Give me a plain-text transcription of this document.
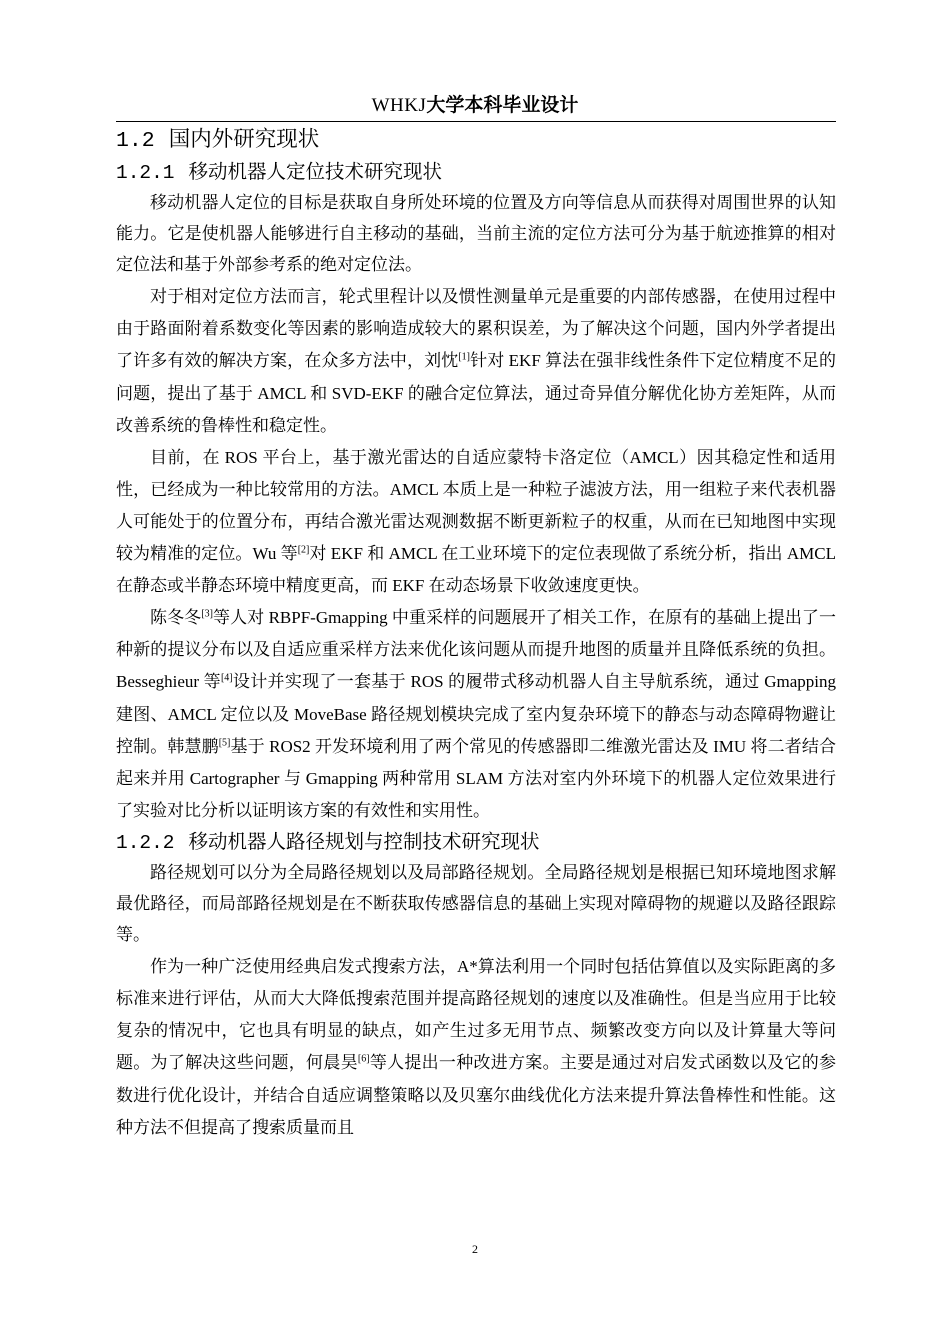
WHKJ大学本科毕业设计
1.2 国内外研究现状
1.2.1 移动机器人定位技术研究现状

移动机器人定位的目标是获取自身所处环境的位置及方向等信息从而获得对周围世界的认知能力。它是使机器人能够进行自主移动的基础，当前主流的定位方法可分为基于航迹推算的相对定位法和基于外部参考系的绝对定位法。

对于相对定位方法而言，轮式里程计以及惯性测量单元是重要的内部传感器，在使用过程中由于路面附着系数变化等因素的影响造成较大的累积误差，为了解决这个问题，国内外学者提出了许多有效的解决方案，在众多方法中，刘忱[1]针对 EKF 算法在强非线性条件下定位精度不足的问题，提出了基于 AMCL 和 SVD-EKF 的融合定位算法，通过奇异值分解优化协方差矩阵，从而改善系统的鲁棒性和稳定性。

目前，在 ROS 平台上，基于激光雷达的自适应蒙特卡洛定位（AMCL）因其稳定性和适用性，已经成为一种比较常用的方法。AMCL 本质上是一种粒子滤波方法，用一组粒子来代表机器人可能处于的位置分布，再结合激光雷达观测数据不断更新粒子的权重，从而在已知地图中实现较为精准的定位。Wu 等[2]对 EKF 和 AMCL 在工业环境下的定位表现做了系统分析，指出 AMCL 在静态或半静态环境中精度更高，而 EKF 在动态场景下收敛速度更快。

陈冬冬[3]等人对 RBPF-Gmapping 中重采样的问题展开了相关工作，在原有的基础上提出了一种新的提议分布以及自适应重采样方法来优化该问题从而提升地图的质量并且降低系统的负担。Besseghieur 等[4]设计并实现了一套基于 ROS 的履带式移动机器人自主导航系统，通过 Gmapping 建图、AMCL 定位以及 MoveBase 路径规划模块完成了室内复杂环境下的静态与动态障碍物避让控制。韩慧鹏[5]基于 ROS2 开发环境利用了两个常见的传感器即二维激光雷达及 IMU 将二者结合起来并用 Cartographer 与 Gmapping 两种常用 SLAM 方法对室内外环境下的机器人定位效果进行了实验对比分析以证明该方案的有效性和实用性。

1.2.2 移动机器人路径规划与控制技术研究现状

路径规划可以分为全局路径规划以及局部路径规划。全局路径规划是根据已知环境地图求解最优路径，而局部路径规划是在不断获取传感器信息的基础上实现对障碍物的规避以及路径跟踪等。

作为一种广泛使用经典启发式搜索方法，A*算法利用一个同时包括估算值以及实际距离的多标准来进行评估，从而大大降低搜索范围并提高路径规划的速度以及准确性。但是当应用于比较复杂的情况中，它也具有明显的缺点，如产生过多无用节点、频繁改变方向以及计算量大等问题。为了解决这些问题，何晨昊[6]等人提出一种改进方案。主要是通过对启发式函数以及它的参数进行优化设计，并结合自适应调整策略以及贝塞尔曲线优化方法来提升算法鲁棒性和性能。这种方法不但提高了搜索质量而且

2
